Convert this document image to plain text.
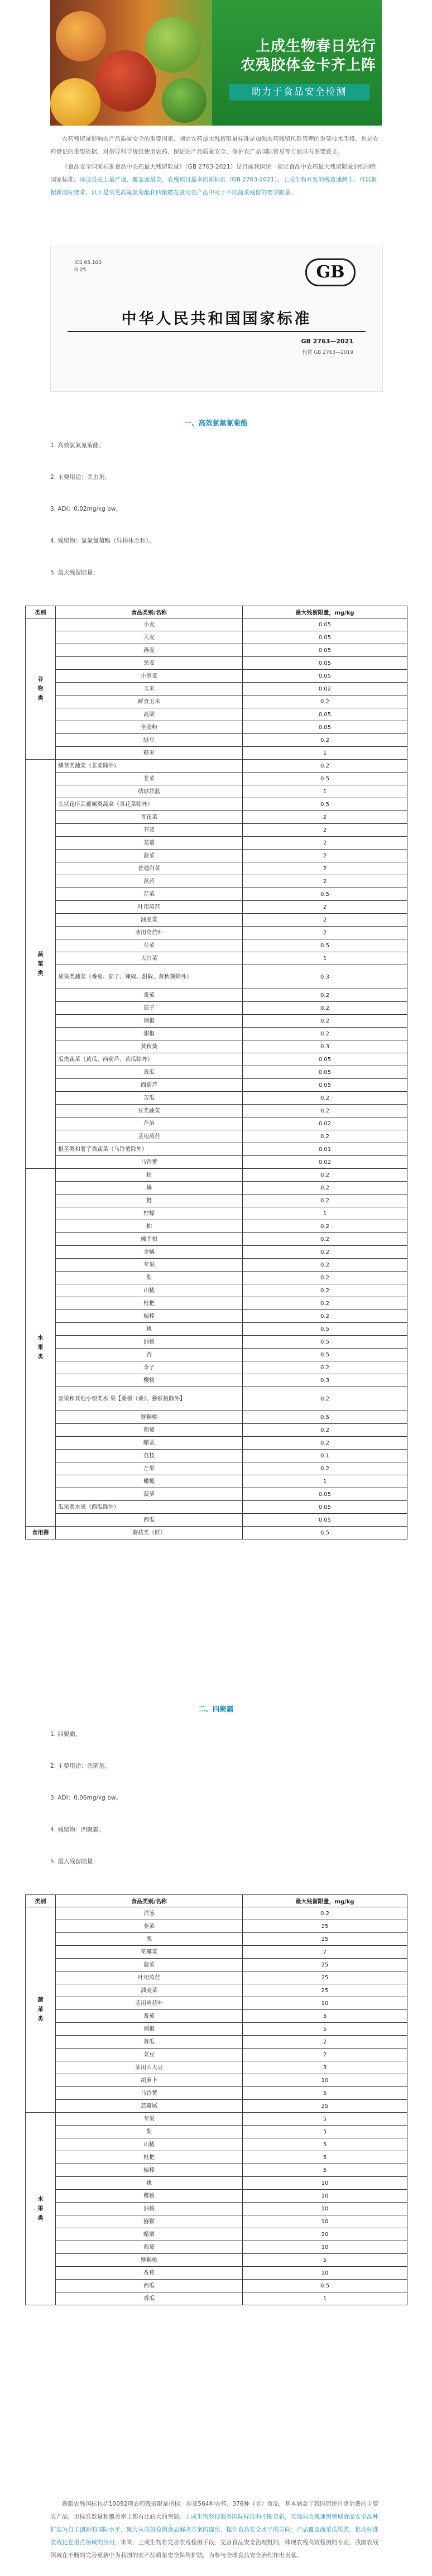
上成生物春日先行
农残胶体金卡齐上阵
助力于食品安全检测

农药残留量影响农产品质量安全的重要因素，制定农药最大残留限量标准是加强农药残留风险管理的重要技术手段，也是农药登记的重要依据，对指导科学规范使用农药、保证农产品质量安全、保护农产品国际贸易等方面具有重要意义。

《食品安全国家标准食品中农药最大残留限量》（GB 2763-2021）是目前我国统一规定食品中农药最大残留限量的强制性国家标准。该这是史上最严谨，覆盖面最全，农残项目最多的新标准（GB 2763-2021）。上成生物开发的残留速测卡，可以根据新国标要求，以下是常见高氟氰菊酯和四聚霸在食用农产品中对于不同蔬菜残留的要求限量。

ICS 65.100
G 25	GB
中华人民共和国国家标准
GB 2763—2021
代替 GB 2763—2019
一、高效氯氟氰菊酯
1. 高效氯氟氰菊酯。
2. 主要用途：杀虫剂。
3. ADI：0.02mg/kg bw。
4. 残留物：氯氟氰菊酯（异构体之和）。
5. 最大残留限量：
类别	食品类别/名称	最大残留限量，mg/kg
谷
物
类	小麦	0.05
	大麦	0.05
	燕麦	0.05
	黑麦	0.05
	小黑麦	0.05
	玉米	0.02
	鲜食玉米	0.2
	高粱	0.05
	全麦粉	0.05
	绿豆	0.2
	糙米	1
蔬
菜
类	鳞茎类蔬菜（韭菜除外）	0.2
	韭菜	0.5
	结球甘蓝	1
	头状花序芸薹属类蔬菜（青花菜除外）	0.5
	青花菜	2
	芥蓝	2
	菜薹	2
	菠菜	2
	普通白菜	2
	莴苣	2
	芹菜	0.5
	叶用莴苣	2
	油麦菜	2
	茎用莴苣叶	2
	芹菜	0.5
	大白菜	1
	茄果类蔬菜（番茄、茄子、辣椒、甜椒、黄秋葵除外）	0.3
	番茄	0.2
	茄子	0.2
	辣椒	0.2
	甜椒	0.2
	黄秋葵	0.3
	瓜类蔬菜（黄瓜、西葫芦、苦瓜除外）	0.05
	黄瓜	0.05
	西葫芦	0.05
	苦瓜	0.2
	豆类蔬菜	0.2
	芦笋	0.02
	茎用莴苣	0.2
	根茎类和薯芋类蔬菜（马铃薯除外）	0.01
	马铃薯	0.02
水
果
类	柑	0.2
	橘	0.2
	橙	0.2
	柠檬	1
	柚	0.2
	佛手柑	0.2
	金橘	0.2
	苹果	0.2
	梨	0.2
	山楂	0.2
	枇杷	0.2
	榅桲	0.2
	桃	0.5
	油桃	0.5
	杏	0.5
	李子	0.2
	樱桃	0.3
	浆果和其他小型类水 果【桑椹（桑）、猕猴桃除外】	0.2
	猕猴桃	0.5
	葡萄	0.2
	醋栗	0.2
	荔枝	0.1
	芒果	0.2
	橄榄	1
	菠萝	0.05
	瓜果类水果（西瓜除外）	0.05
	西瓜	0.05
食用菌	蘑菇类（鲜）	0.5
二、四聚霸
1. 四聚霸。
2. 主要用途：杀菌剂。
3. ADI：0.06mg/kg bw。
4. 残留物：四聚霸。
5. 最大残留限量：
类别	食品类别/名称	最大残留限量，mg/kg
蔬
菜
类	洋葱	0.2
	韭菜	25
	葱	25
	花椰菜	7
	菠菜	25
	叶用莴苣	25
	油麦菜	25
	茎用莴苣叶	10
	番茄	5
	辣椒	5
	黄瓜	2
	菜豆	2
	某用山大豆	3
	胡萝卜	10
	马铃薯	5
	芸薹属	25
水
果
类	苹果	5
	梨	5
	山楂	5
	枇杷	5
	榅桲	5
	桃	10
	樱桃	10
	油桃	10
	猕猴	10
	醋栗	20
	葡萄	10
	猕猴桃	5
	香蕉	10
	西瓜	0.5
	香瓜	1

新版农残国标包括10092项农药残留限量指标，涉及564种农药、376种（类）食品，基本涵盖了我国居民日常消费的主要农产品，也标准数量和覆盖率上都有比较大的突破。上成生物坚持服务国际标准的不断更新，实现向农残速测领域食品安全品种扩展为自主创新的国际水平，聚力从高氯检测食品解决方案的提出，提升食品安全水平的方向；产品覆盖蔬菜瓜果类，推动标准农残化在重点领域的应用，未来，上成生物将完善农残检测手段，完善食品安全治理机制，体现农残高效检测的专业，我国农残领域在不断的完善更新中为我国的农产品质量安全保驾护航，为参与全球食品安全治理作出贡献。
